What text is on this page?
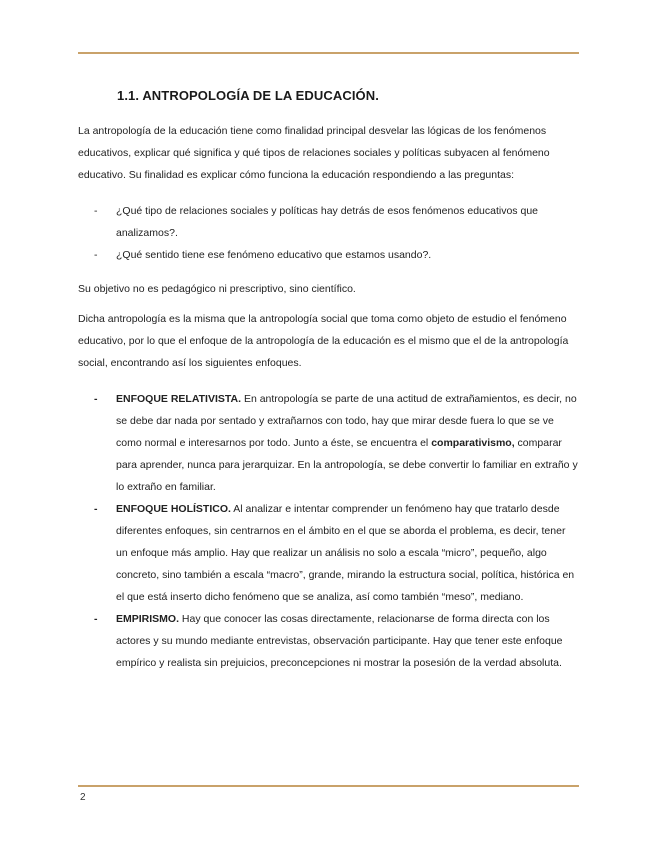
1.1. ANTROPOLOGÍA DE LA EDUCACIÓN.

La antropología de la educación tiene como finalidad principal desvelar las lógicas de los fenómenos educativos, explicar qué significa y qué tipos de relaciones sociales y políticas subyacen al fenómeno educativo. Su finalidad es explicar cómo funciona la educación respondiendo a las preguntas:

- ¿Qué tipo de relaciones sociales y políticas hay detrás de esos fenómenos educativos que analizamos?.
- ¿Qué sentido tiene ese fenómeno educativo que estamos usando?.

Su objetivo no es pedagógico ni prescriptivo, sino científico.

Dicha antropología es la misma que la antropología social que toma como objeto de estudio el fenómeno educativo, por lo que el enfoque de la antropología de la educación es el mismo que el de la antropología social, encontrando así los siguientes enfoques.

- ENFOQUE RELATIVISTA. En antropología se parte de una actitud de extrañamientos, es decir, no se debe dar nada por sentado y extrañarnos con todo, hay que mirar desde fuera lo que se ve como normal e interesarnos por todo. Junto a éste, se encuentra el comparativismo, comparar para aprender, nunca para jerarquizar. En la antropología, se debe convertir lo familiar en extraño y lo extraño en familiar.
- ENFOQUE HOLÍSTICO. Al analizar e intentar comprender un fenómeno hay que tratarlo desde diferentes enfoques, sin centrarnos en el ámbito en el que se aborda el problema, es decir, tener un enfoque más amplio. Hay que realizar un análisis no solo a escala “micro”, pequeño, algo concreto, sino también a escala “macro”, grande, mirando la estructura social, política, histórica en el que está inserto dicho fenómeno que se analiza, así como también “meso”, mediano.
- EMPIRISMO. Hay que conocer las cosas directamente, relacionarse de forma directa con los actores y su mundo mediante entrevistas, observación participante. Hay que tener este enfoque empírico y realista sin prejuicios, preconcepciones ni mostrar la posesión de la verdad absoluta.
2
